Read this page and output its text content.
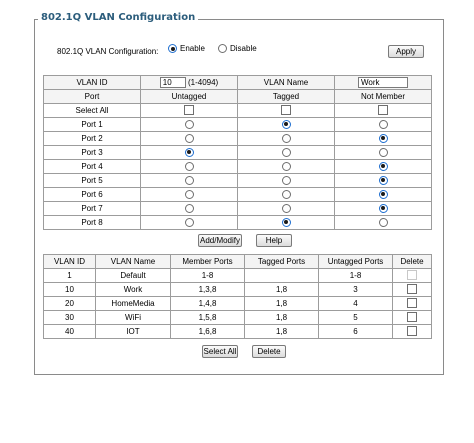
802.1Q VLAN Configuration
802.1Q VLAN Configuration:	Enable	Disable	Apply
VLAN ID	10(1-4094)	VLAN Name	Work
Port	Untagged	Tagged	Not Member
Select All			
Port 1			
Port 2			
Port 3			
Port 4			
Port 5			
Port 6			
Port 7			
Port 8			
Add/Modify	Help
VLAN ID	VLAN Name	Member Ports	Tagged Ports	Untagged Ports	Delete
1	Default	1-8		1-8	
10	Work	1,3,8	1,8	3	
20	HomeMedia	1,4,8	1,8	4	
30	WiFi	1,5,8	1,8	5	
40	IOT	1,6,8	1,8	6	
Select All	Delete
